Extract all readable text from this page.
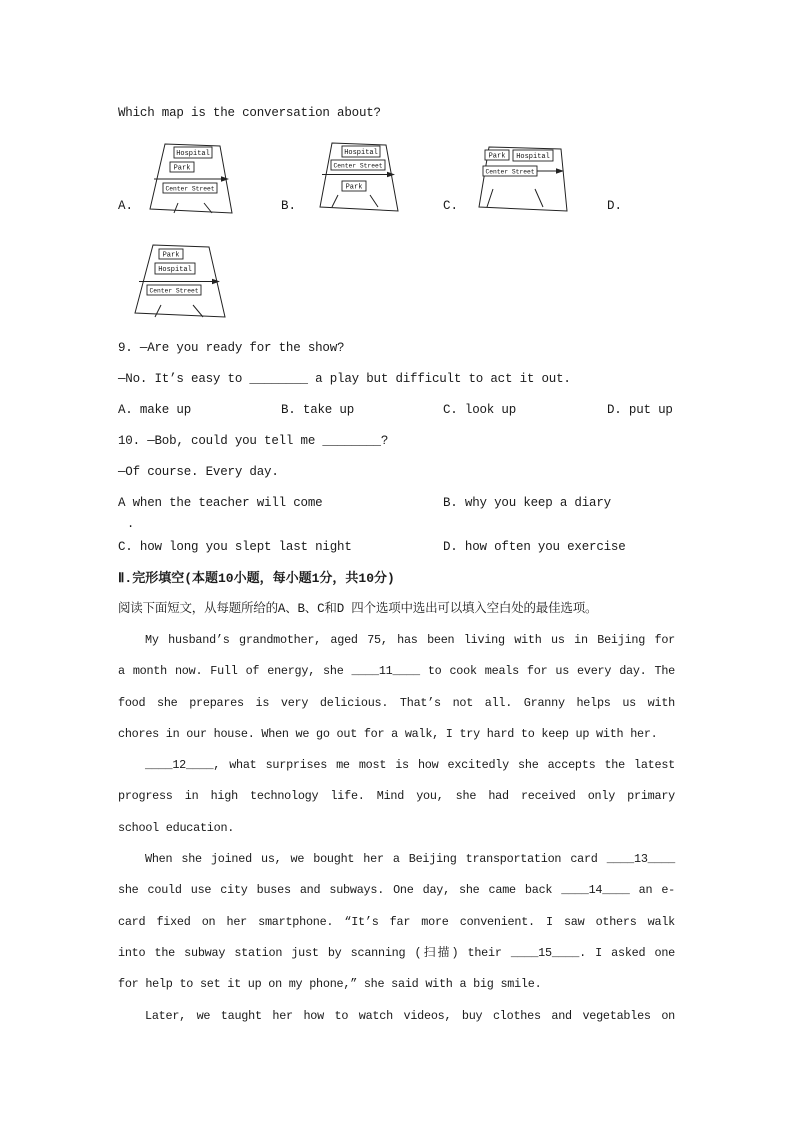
Which map is the conversation about?
Hospital
Park
Center Street
Hospital
Center Street
Park
Park Hospital
Center Street
Park
Hospital
Center Street
A.	B.	C.	D.
9. —Are you ready for the show?
—No. It’s easy to ________ a play but difficult to act it out.
A. make up	B. take up	C. look up	D. put up
10. —Bob, could you tell me ________?
—Of course. Every day.
A when the teacher will come	B. why you keep a diary
.
C. how long you slept last night	D. how often you exercise
Ⅱ.完形填空(本题10小题，每小题1分，共10分)
阅读下面短文，从每题所给的A、B、C和D 四个选项中选出可以填入空白处的最佳选项。
My husband’s grandmother, aged 75, has been living with us in Beijing for
a month now. Full of energy, she ____11____ to cook meals for us every day. The
food she prepares is very delicious. That’s not all. Granny helps us with
chores in our house. When we go out for a walk, I try hard to keep up with her.
____12____, what surprises me most is how excitedly she accepts the latest
progress in high technology life. Mind you, she had received only primary
school education.
When she joined us, we bought her a Beijing transportation card ____13____
she could use city buses and subways. One day, she came back ____14____ an e-
card fixed on her smartphone. “It’s far more convenient. I saw others walk
into the subway station just by scanning (扫描) their ____15____. I asked one
for help to set it up on my phone,” she said with a big smile.
Later, we taught her how to watch videos, buy clothes and vegetables on
